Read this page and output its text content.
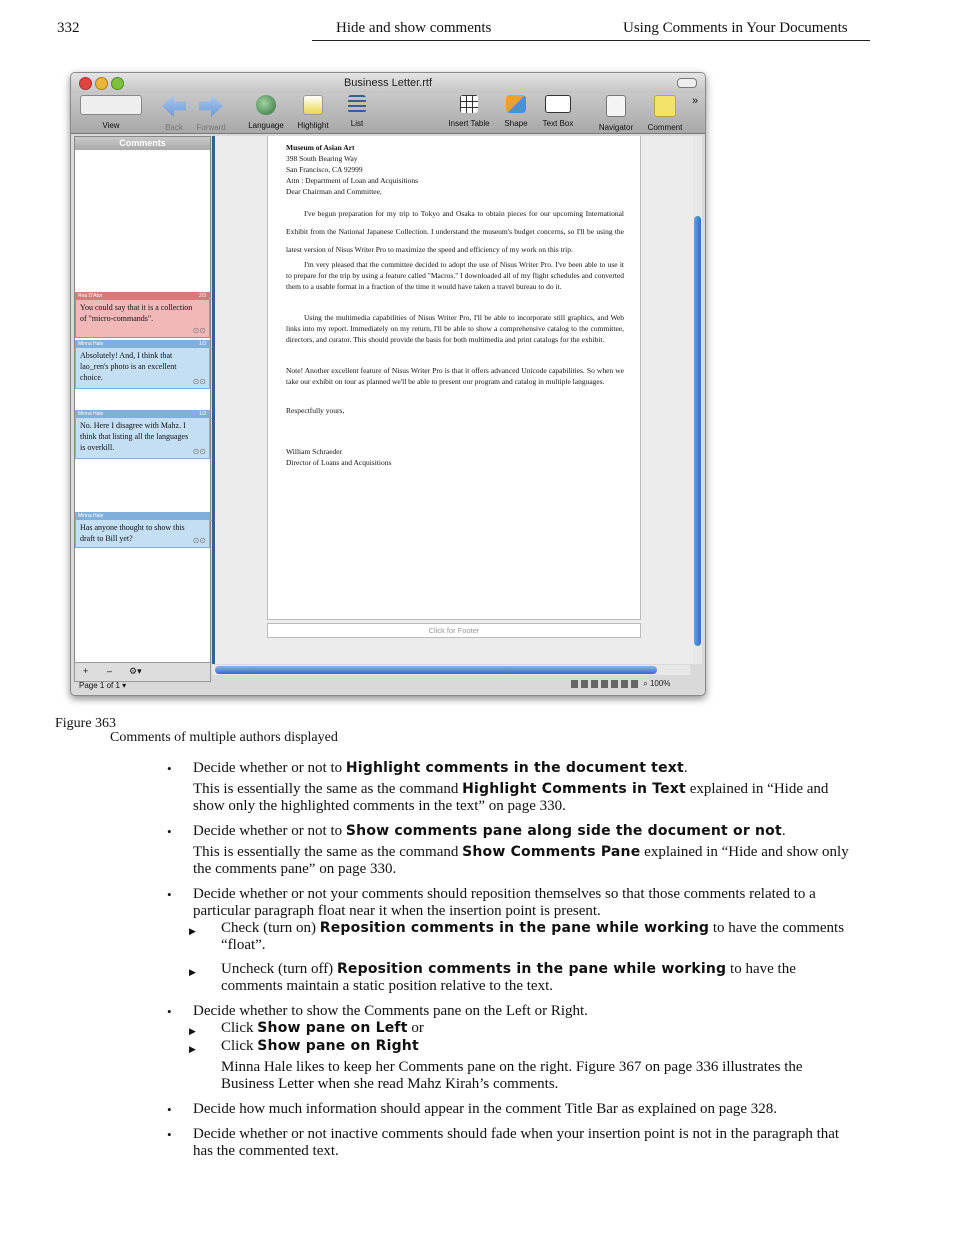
332	Hide and show comments	Using Comments in Your Documents
Business Letter.rtf
View	Back	Forward	Language	Highlight	List	Insert Table	Shape	Text Box	Navigator	Comment
»
Comments
Rea D'Ator	2/3
You could say that it is a collection of "micro-commands".
⊙⊙
Minna Hale	1/3
Absolutely! And, I think that lao_ren's photo is an excellent choice.	⊙⊙
Minna Hale	1/3
No. Here I disagree with Mahz. I think that listing all the languages is overkill.	⊙⊙
Minna Hale
Has anyone thought to show this draft to Bill yet?	⊙⊙
+ – ⚙▾
Page 1 of 1 ▾

Museum of Asian Art

398 South Bearing Way

San Francisco, CA 92999

Attn : Department of Loan and Acquisitions

Dear Chairman and Committee,

I've begun preparation for my trip to Tokyo and Osaka to obtain pieces for our upcoming International Exhibit from the National Japanese Collection. I understand the museum's budget concerns, so I'll be using the latest version of Nisus Writer Pro to maximize the speed and efficiency of my work on this trip.

I'm very pleased that the committee decided to adopt the use of Nisus Writer Pro. I've been able to use it to prepare for the trip by using a feature called "Macros." I downloaded all of my flight schedules and converted them to a usable format in a fraction of the time it would have taken a travel bureau to do it.

Using the multimedia capabilities of Nisus Writer Pro, I'll be able to incorporate still graphics, and Web links into my report. Immediately on my return, I'll be able to show a comprehensive catalog to the committee, directors, and curator. This should provide the basis for both multimedia and print catalogs for the exhibit.

Note! Another excellent feature of Nisus Writer Pro is that it offers advanced Unicode capabilities. So when we take our exhibit on tour as planned we'll be able to present our program and catalog in multiple languages.

Respectfully yours,

William Schraeder

Director of Loans and Acquisitions

Click for Footer
⌕ 100%
Figure 363
Comments of multiple authors displayed
• Decide whether or not to Highlight comments in the document text.
This is essentially the same as the command Highlight Comments in Text explained in “Hide and show only the highlighted comments in the text” on page 330.
• Decide whether or not to Show comments pane along side the document or not.
This is essentially the same as the command Show Comments Pane explained in “Hide and show only the comments pane” on page 330.
• Decide whether or not your comments should reposition themselves so that those comments related to a particular paragraph float near it when the insertion point is present.
▶ Check (turn on) Reposition comments in the pane while working to have the comments “float”.
▶ Uncheck (turn off) Reposition comments in the pane while working to have the comments maintain a static position relative to the text.
• Decide whether to show the Comments pane on the Left or Right.
▶ Click Show pane on Left or
▶ Click Show pane on Right
Minna Hale likes to keep her Comments pane on the right. Figure 367 on page 336 illustrates the Business Letter when she read Mahz Kirah’s comments.
• Decide how much information should appear in the comment Title Bar as explained on page 328.
• Decide whether or not inactive comments should fade when your insertion point is not in the paragraph that has the commented text.
